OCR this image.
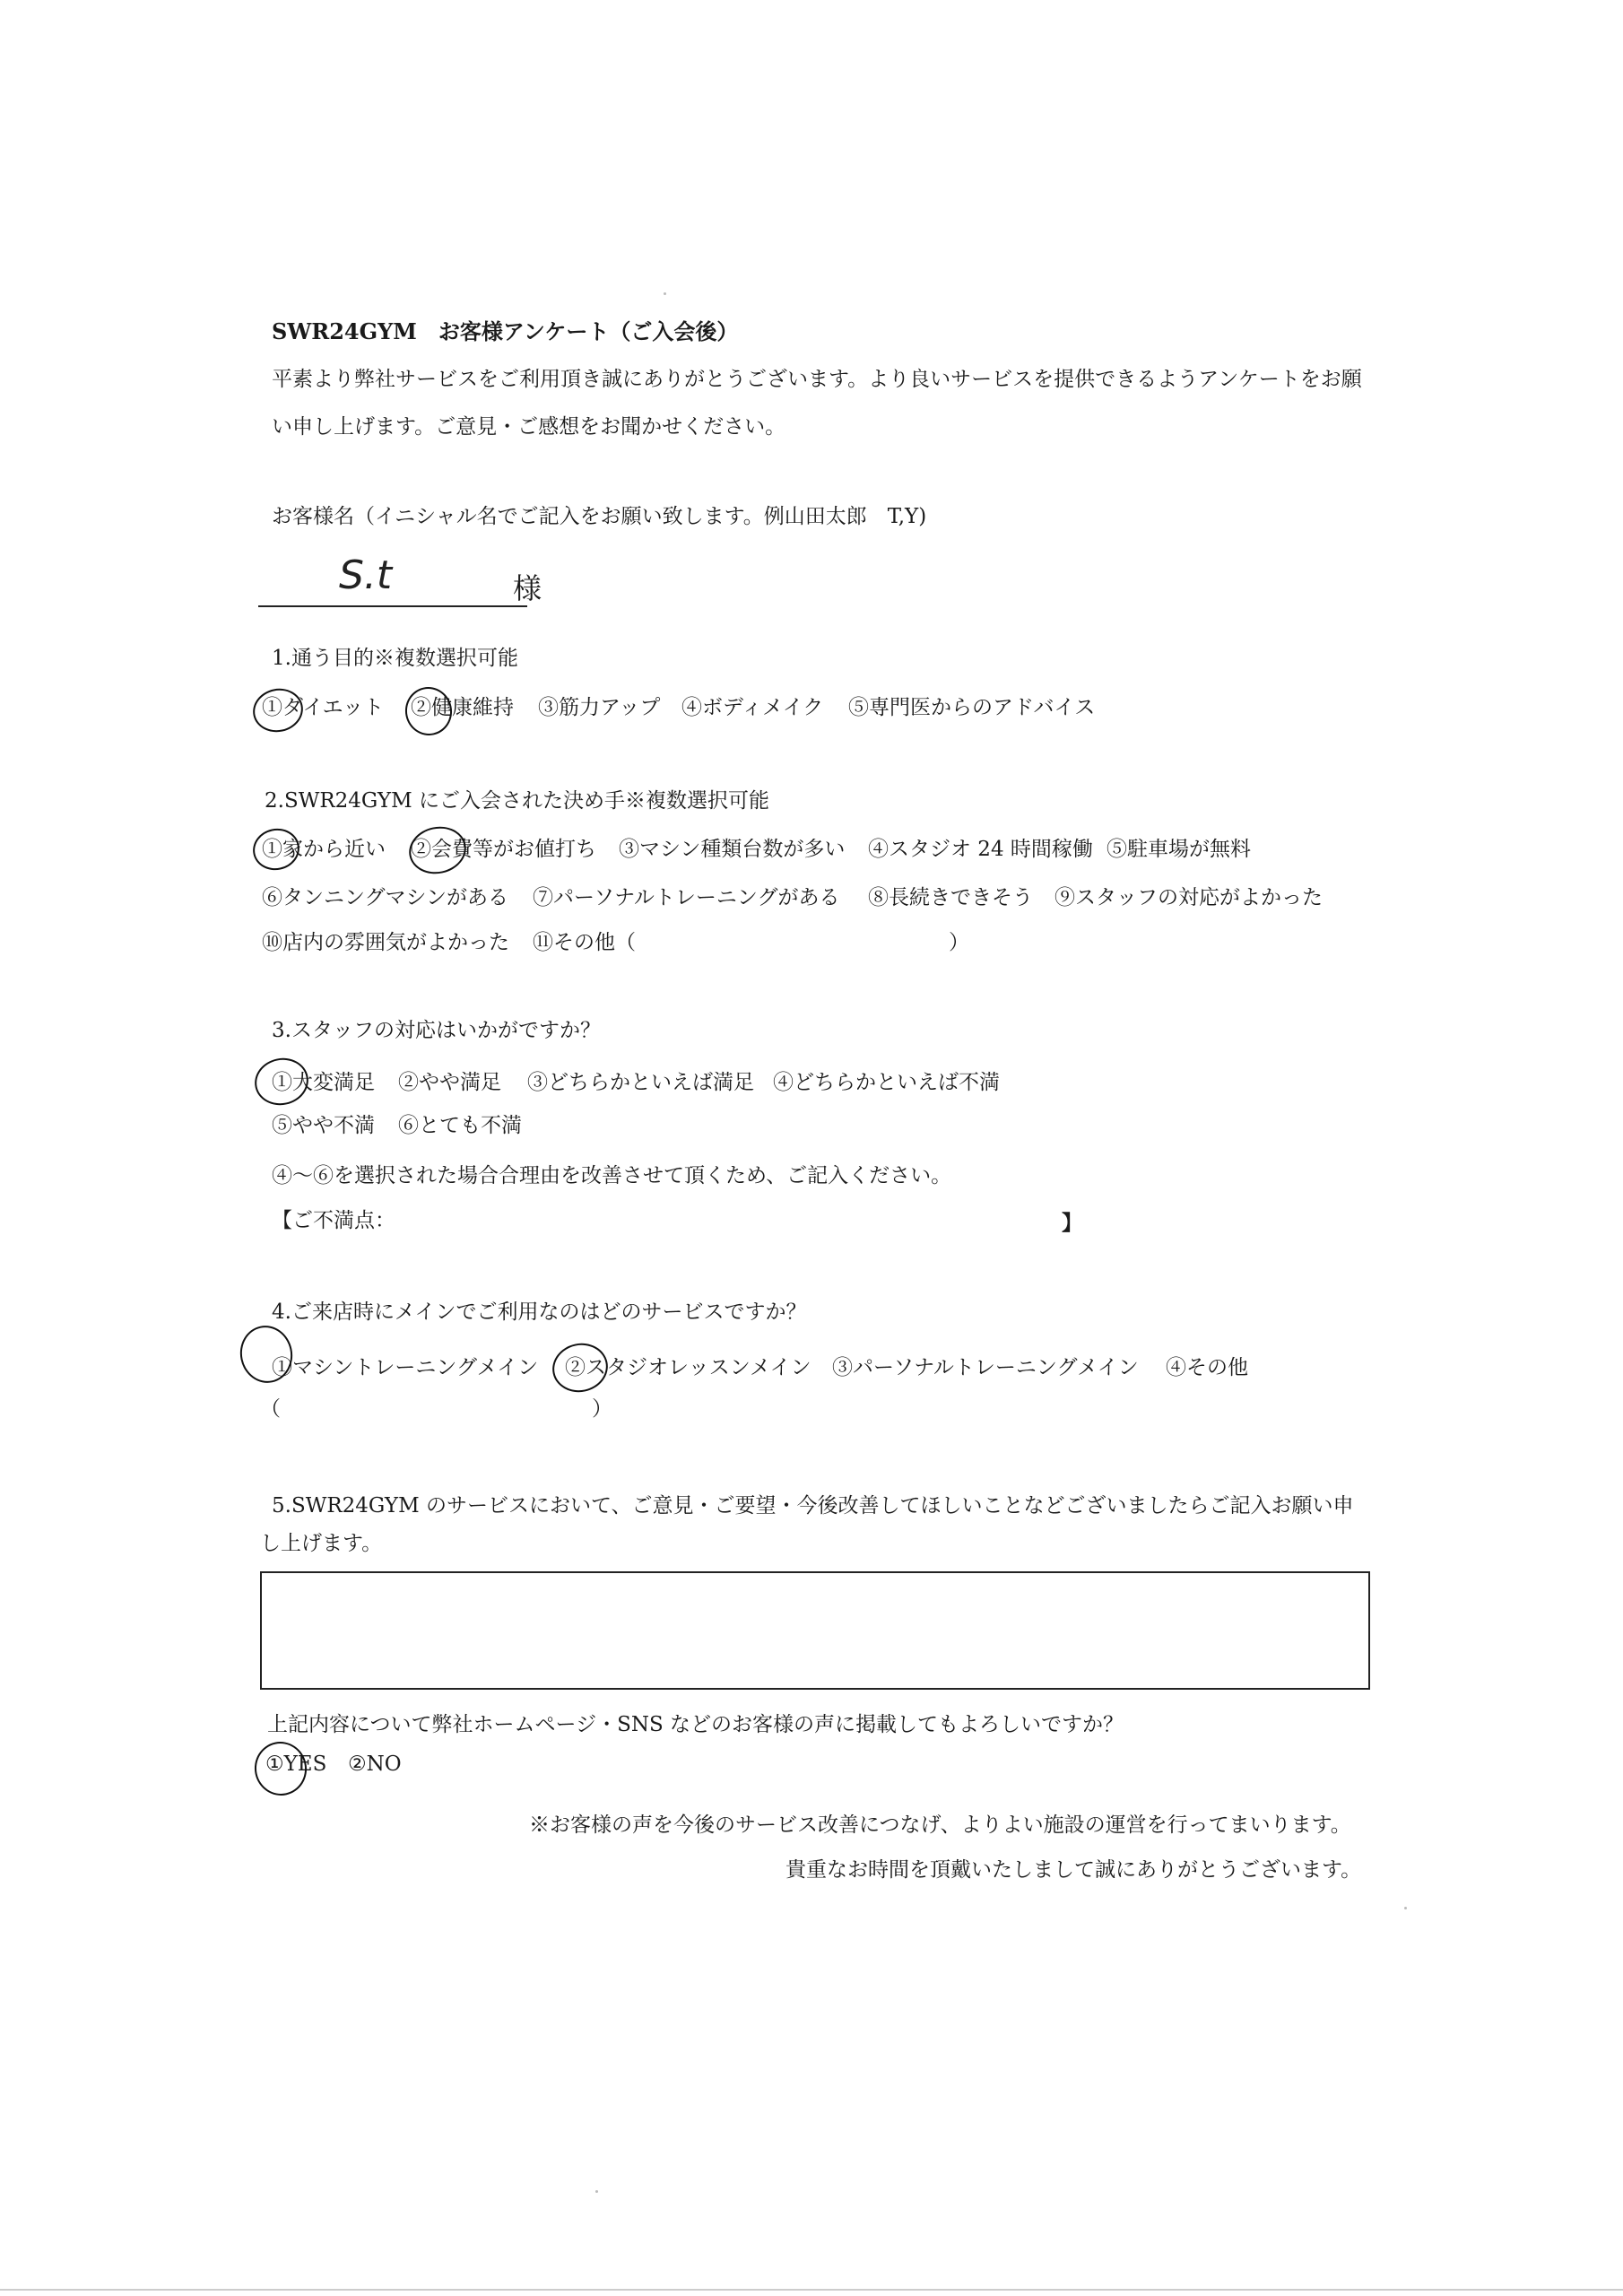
SWR24GYM　お客様アンケート（ご入会後）
平素より弊社サービスをご利用頂き誠にありがとうございます。より良いサービスを提供できるようアンケートをお願
い申し上げます。ご意見・ご感想をお聞かせください。
お客様名（イニシャル名でご記入をお願い致します。例山田太郎　T,Y)
S.t	様
1.通う目的※複数選択可能
①ダイエット ②健康維持 ③筋力アップ ④ボディメイク ⑤専門医からのアドバイス
2.SWR24GYM にご入会された決め手※複数選択可能
①家から近い ②会費等がお値打ち ③マシン種類台数が多い ④スタジオ 24 時間稼働 ⑤駐車場が無料
⑥タンニングマシンがある ⑦パーソナルトレーニングがある ⑧長続きできそう ⑨スタッフの対応がよかった
⑩店内の雰囲気がよかった ⑪その他（	）
3.スタッフの対応はいかがですか？
①大変満足 ②やや満足 ③どちらかといえば満足 ④どちらかといえば不満
⑤やや不満 ⑥とても不満
④～⑥を選択された場合合理由を改善させて頂くため、ご記入ください。
【ご不満点：	】
4.ご来店時にメインでご利用なのはどのサービスですか？
①マシントレーニングメイン ②スタジオレッスンメイン ③パーソナルトレーニングメイン ④その他
（	）
5.SWR24GYM のサービスにおいて、ご意見・ご要望・今後改善してほしいことなどございましたらご記入お願い申
し上げます。
上記内容について弊社ホームページ・SNS などのお客様の声に掲載してもよろしいですか？
①YES ②NO
※お客様の声を今後のサービス改善につなげ、よりよい施設の運営を行ってまいります。
貴重なお時間を頂戴いたしまして誠にありがとうございます。
